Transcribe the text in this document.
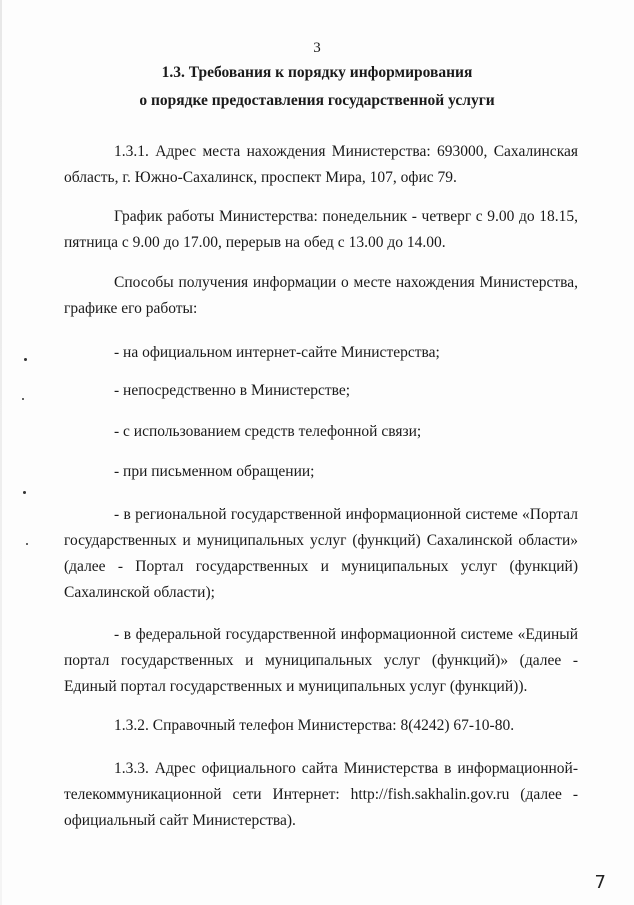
3
1.3. Требования к порядку информирования
о порядке предоставления государственной услуги
1.3.1. Адрес места нахождения Министерства: 693000, Сахалинская область, г. Южно-Сахалинск, проспект Мира, 107, офис 79.
График работы Министерства: понедельник - четверг с 9.00 до 18.15, пятница с 9.00 до 17.00, перерыв на обед с 13.00 до 14.00.
Способы получения информации о месте нахождения Министерства, графике его работы:
- на официальном интернет-сайте Министерства;
- непосредственно в Министерстве;
- с использованием средств телефонной связи;
- при письменном обращении;
- в региональной государственной информационной системе «Портал государственных и муниципальных услуг (функций) Сахалинской области» (далее - Портал государственных и муниципальных услуг (функций) Сахалинской области);
- в федеральной государственной информационной системе «Единый портал государственных и муниципальных услуг (функций)» (далее - Единый портал государственных и муниципальных услуг (функций)).
1.3.2. Справочный телефон Министерства: 8(4242) 67-10-80.
1.3.3. Адрес официального сайта Министерства в информационной-телекоммуникационной сети Интернет: http://fish.sakhalin.gov.ru (далее - официальный сайт Министерства).
7
